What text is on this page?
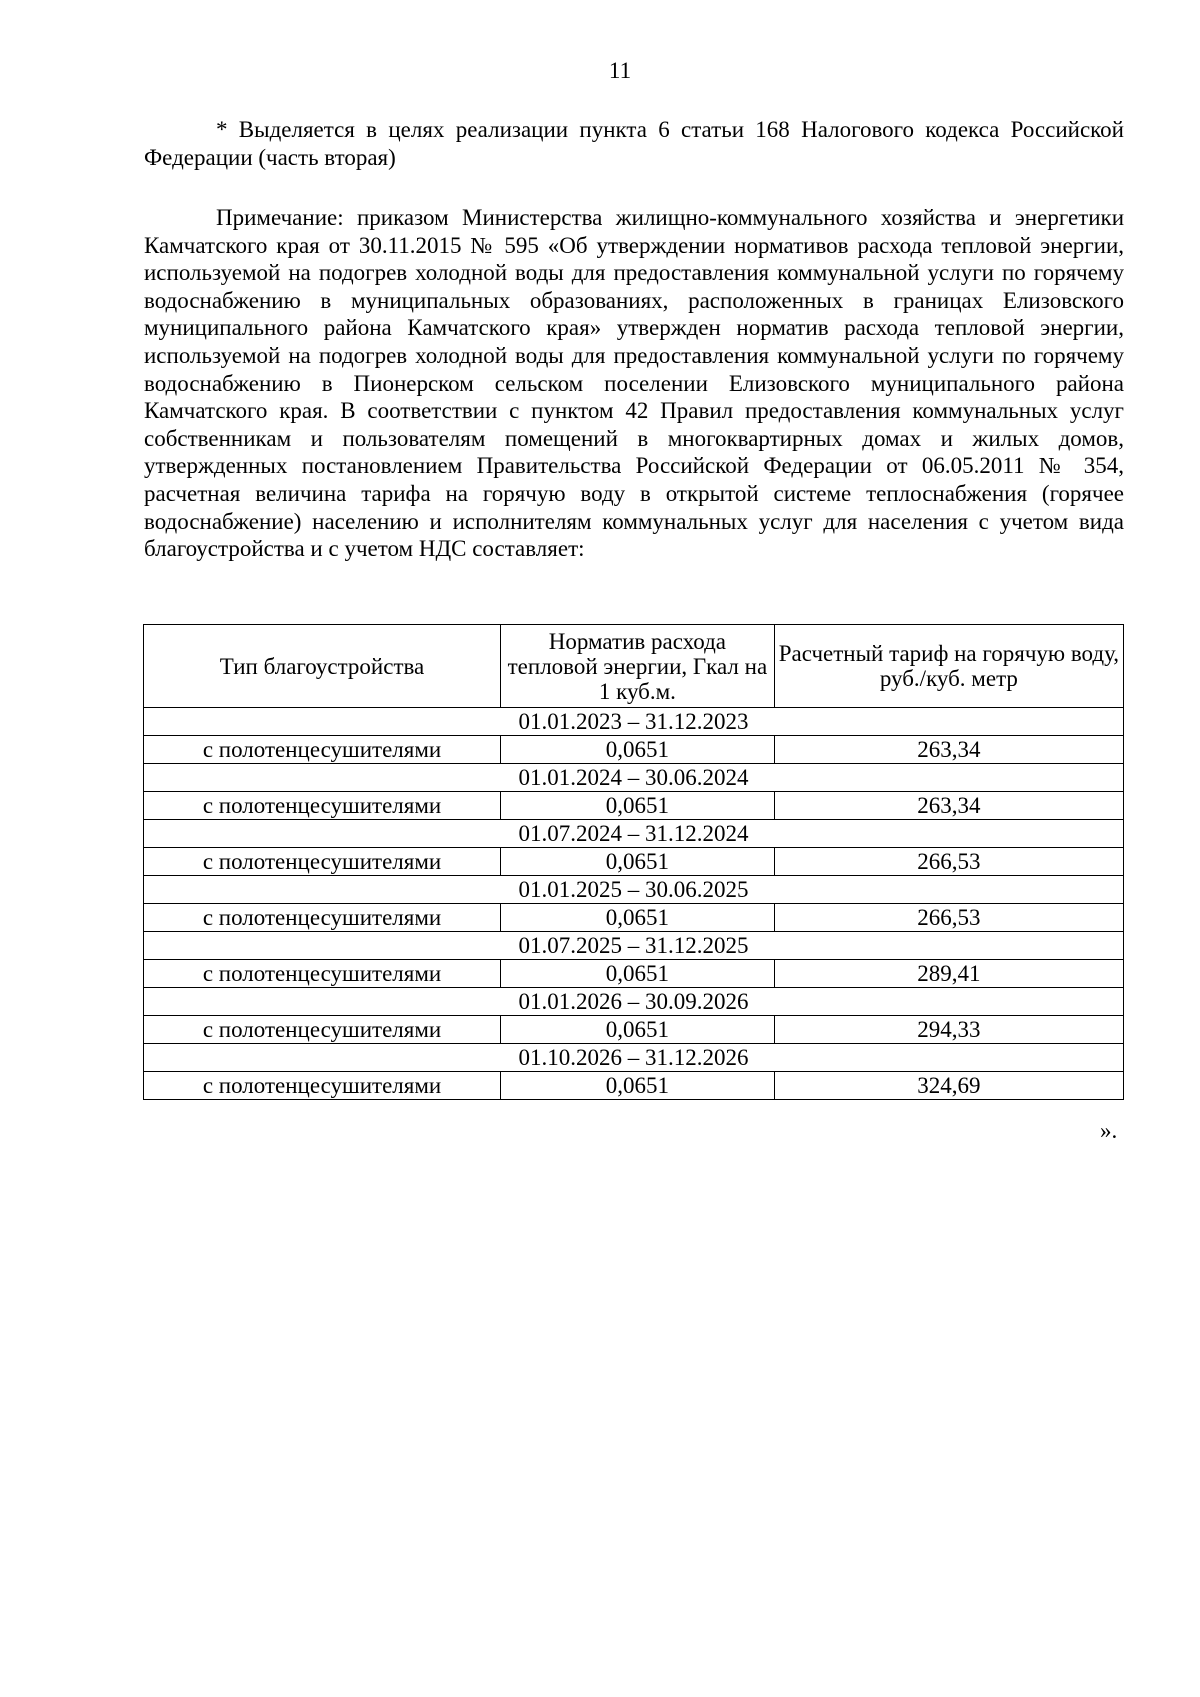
11

* Выделяется в целях реализации пункта 6 статьи 168 Налогового кодекса Российской Федерации (часть вторая)

Примечание: приказом Министерства жилищно-коммунального хозяйства и энергетики Камчатского края от 30.11.2015 № 595 «Об утверждении нормативов расхода тепловой энергии, используемой на подогрев холодной воды для предоставления коммунальной услуги по горячему водоснабжению в муниципальных образованиях, расположенных в границах Елизовского муниципального района Камчатского края» утвержден норматив расхода тепловой энергии, используемой на подогрев холодной воды для предоставления коммунальной услуги по горячему водоснабжению в Пионерском сельском поселении Елизовского муниципального района Камчатского края. В соответствии с пунктом 42 Правил предоставления коммунальных услуг собственникам и пользователям помещений в многоквартирных домах и жилых домов, утвержденных постановлением Правительства Российской Федерации от 06.05.2011 № 354, расчетная величина тарифа на горячую воду в открытой системе теплоснабжения (горячее водоснабжение) населению и исполнителям коммунальных услуг для населения с учетом вида благоустройства и с учетом НДС составляет:

Тип благоустройства	Норматив расхода тепловой энергии, Гкал на 1 куб.м.	Расчетный тариф на горячую воду, руб./куб. метр
01.01.2023 – 31.12.2023		
с полотенцесушителями	0,0651	263,34
01.01.2024 – 30.06.2024		
с полотенцесушителями	0,0651	263,34
01.07.2024 – 31.12.2024		
с полотенцесушителями	0,0651	266,53
01.01.2025 – 30.06.2025		
с полотенцесушителями	0,0651	266,53
01.07.2025 – 31.12.2025		
с полотенцесушителями	0,0651	289,41
01.01.2026 – 30.09.2026		
с полотенцесушителями	0,0651	294,33
01.10.2026 – 31.12.2026		
с полотенцесушителями	0,0651	324,69
».
